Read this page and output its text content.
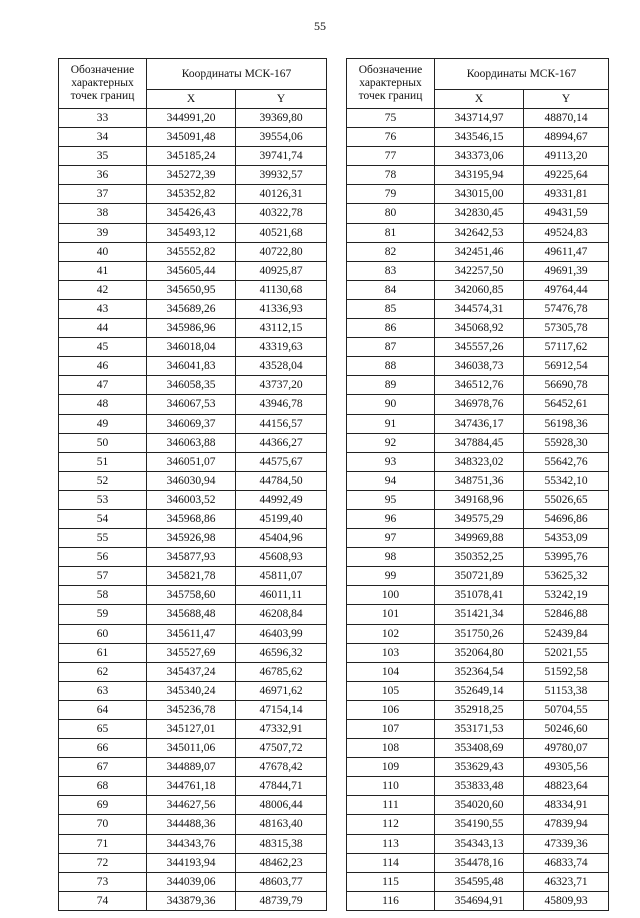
55
Обозначение характерных точек границ	Координаты МСК-167	
	X	Y
33	344991,20	39369,80
34	345091,48	39554,06
35	345185,24	39741,74
36	345272,39	39932,57
37	345352,82	40126,31
38	345426,43	40322,78
39	345493,12	40521,68
40	345552,82	40722,80
41	345605,44	40925,87
42	345650,95	41130,68
43	345689,26	41336,93
44	345986,96	43112,15
45	346018,04	43319,63
46	346041,83	43528,04
47	346058,35	43737,20
48	346067,53	43946,78
49	346069,37	44156,57
50	346063,88	44366,27
51	346051,07	44575,67
52	346030,94	44784,50
53	346003,52	44992,49
54	345968,86	45199,40
55	345926,98	45404,96
56	345877,93	45608,93
57	345821,78	45811,07
58	345758,60	46011,11
59	345688,48	46208,84
60	345611,47	46403,99
61	345527,69	46596,32
62	345437,24	46785,62
63	345340,24	46971,62
64	345236,78	47154,14
65	345127,01	47332,91
66	345011,06	47507,72
67	344889,07	47678,42
68	344761,18	47844,71
69	344627,56	48006,44
70	344488,36	48163,40
71	344343,76	48315,38
72	344193,94	48462,23
73	344039,06	48603,77
74	343879,36	48739,79
Обозначение характерных точек границ	Координаты МСК-167	
	X	Y
75	343714,97	48870,14
76	343546,15	48994,67
77	343373,06	49113,20
78	343195,94	49225,64
79	343015,00	49331,81
80	342830,45	49431,59
81	342642,53	49524,83
82	342451,46	49611,47
83	342257,50	49691,39
84	342060,85	49764,44
85	344574,31	57476,78
86	345068,92	57305,78
87	345557,26	57117,62
88	346038,73	56912,54
89	346512,76	56690,78
90	346978,76	56452,61
91	347436,17	56198,36
92	347884,45	55928,30
93	348323,02	55642,76
94	348751,36	55342,10
95	349168,96	55026,65
96	349575,29	54696,86
97	349969,88	54353,09
98	350352,25	53995,76
99	350721,89	53625,32
100	351078,41	53242,19
101	351421,34	52846,88
102	351750,26	52439,84
103	352064,80	52021,55
104	352364,54	51592,58
105	352649,14	51153,38
106	352918,25	50704,55
107	353171,53	50246,60
108	353408,69	49780,07
109	353629,43	49305,56
110	353833,48	48823,64
111	354020,60	48334,91
112	354190,55	47839,94
113	354343,13	47339,36
114	354478,16	46833,74
115	354595,48	46323,71
116	354694,91	45809,93
